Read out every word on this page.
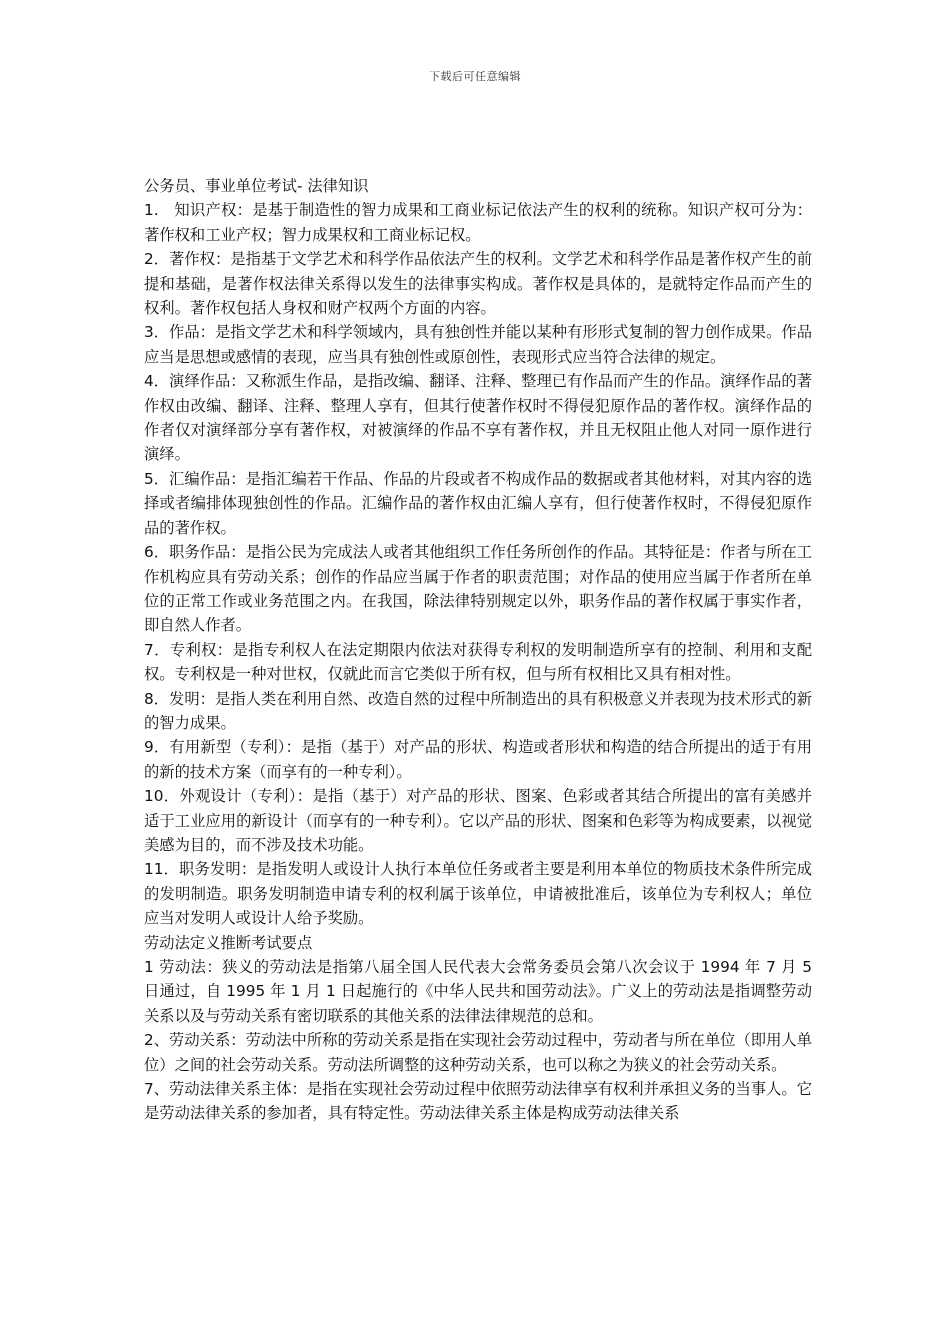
下载后可任意编辑

公务员、事业单位考试- 法律知识

1.　知识产权：是基于制造性的智力成果和工商业标记依法产生的权利的统称。知识产权可分为：著作权和工业产权；智力成果权和工商业标记权。

2．著作权：是指基于文学艺术和科学作品依法产生的权利。文学艺术和科学作品是著作权产生的前提和基础，是著作权法律关系得以发生的法律事实构成。著作权是具体的，是就特定作品而产生的权利。著作权包括人身权和财产权两个方面的内容。

3．作品：是指文学艺术和科学领域内，具有独创性并能以某种有形形式复制的智力创作成果。作品应当是思想或感情的表现，应当具有独创性或原创性，表现形式应当符合法律的规定。

4．演绎作品：又称派生作品，是指改编、翻译、注释、整理已有作品而产生的作品。演绎作品的著作权由改编、翻译、注释、整理人享有，但其行使著作权时不得侵犯原作品的著作权。演绎作品的作者仅对演绎部分享有著作权，对被演绎的作品不享有著作权，并且无权阻止他人对同一原作进行演绎。

5．汇编作品：是指汇编若干作品、作品的片段或者不构成作品的数据或者其他材料，对其内容的选择或者编排体现独创性的作品。汇编作品的著作权由汇编人享有，但行使著作权时，不得侵犯原作品的著作权。

6．职务作品：是指公民为完成法人或者其他组织工作任务所创作的作品。其特征是：作者与所在工作机构应具有劳动关系；创作的作品应当属于作者的职责范围；对作品的使用应当属于作者所在单位的正常工作或业务范围之内。在我国，除法律特别规定以外，职务作品的著作权属于事实作者，即自然人作者。

7．专利权：是指专利权人在法定期限内依法对获得专利权的发明制造所享有的控制、利用和支配权。专利权是一种对世权，仅就此而言它类似于所有权，但与所有权相比又具有相对性。

8．发明：是指人类在利用自然、改造自然的过程中所制造出的具有积极意义并表现为技术形式的新的智力成果。

9．有用新型（专利）：是指（基于）对产品的形状、构造或者形状和构造的结合所提出的适于有用的新的技术方案（而享有的一种专利）。

10．外观设计（专利）：是指（基于）对产品的形状、图案、色彩或者其结合所提出的富有美感并适于工业应用的新设计（而享有的一种专利）。它以产品的形状、图案和色彩等为构成要素，以视觉美感为目的，而不涉及技术功能。

11．职务发明：是指发明人或设计人执行本单位任务或者主要是利用本单位的物质技术条件所完成的发明制造。职务发明制造申请专利的权利属于该单位，申请被批准后，该单位为专利权人；单位应当对发明人或设计人给予奖励。

劳动法定义推断考试要点

1 劳动法：狭义的劳动法是指第八届全国人民代表大会常务委员会第八次会议于 1994 年 7 月 5 日通过，自 1995 年 1 月 1 日起施行的《中华人民共和国劳动法》。广义上的劳动法是指调整劳动关系以及与劳动关系有密切联系的其他关系的法律法律规范的总和。

2、劳动关系：劳动法中所称的劳动关系是指在实现社会劳动过程中，劳动者与所在单位（即用人单位）之间的社会劳动关系。劳动法所调整的这种劳动关系，也可以称之为狭义的社会劳动关系。

7、劳动法律关系主体：是指在实现社会劳动过程中依照劳动法律享有权利并承担义务的当事人。它是劳动法律关系的参加者，具有特定性。劳动法律关系主体是构成劳动法律关系
